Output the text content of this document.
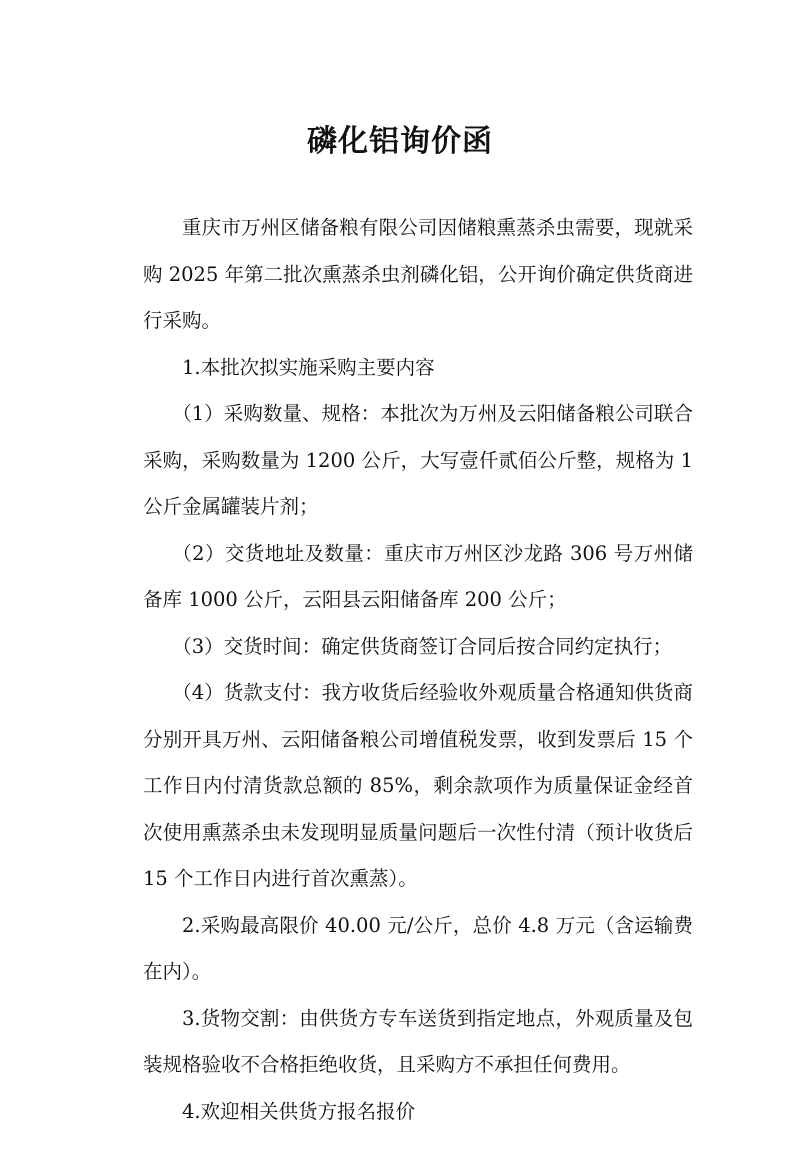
磷化铝询价函

重庆市万州区储备粮有限公司因储粮熏蒸杀虫需要，现就采购 2025 年第二批次熏蒸杀虫剂磷化铝，公开询价确定供货商进行采购。

1.本批次拟实施采购主要内容

（1）采购数量、规格：本批次为万州及云阳储备粮公司联合采购，采购数量为 1200 公斤，大写壹仟贰佰公斤整，规格为 1 公斤金属罐装片剂；

（2）交货地址及数量：重庆市万州区沙龙路 306 号万州储备库 1000 公斤，云阳县云阳储备库 200 公斤；

（3）交货时间：确定供货商签订合同后按合同约定执行；

（4）货款支付：我方收货后经验收外观质量合格通知供货商分别开具万州、云阳储备粮公司增值税发票，收到发票后 15 个工作日内付清货款总额的 85%，剩余款项作为质量保证金经首次使用熏蒸杀虫未发现明显质量问题后一次性付清（预计收货后 15 个工作日内进行首次熏蒸）。

2.采购最高限价 40.00 元/公斤，总价 4.8 万元（含运输费在内）。

3.货物交割：由供货方专车送货到指定地点，外观质量及包装规格验收不合格拒绝收货，且采购方不承担任何费用。

4.欢迎相关供货方报名报价
